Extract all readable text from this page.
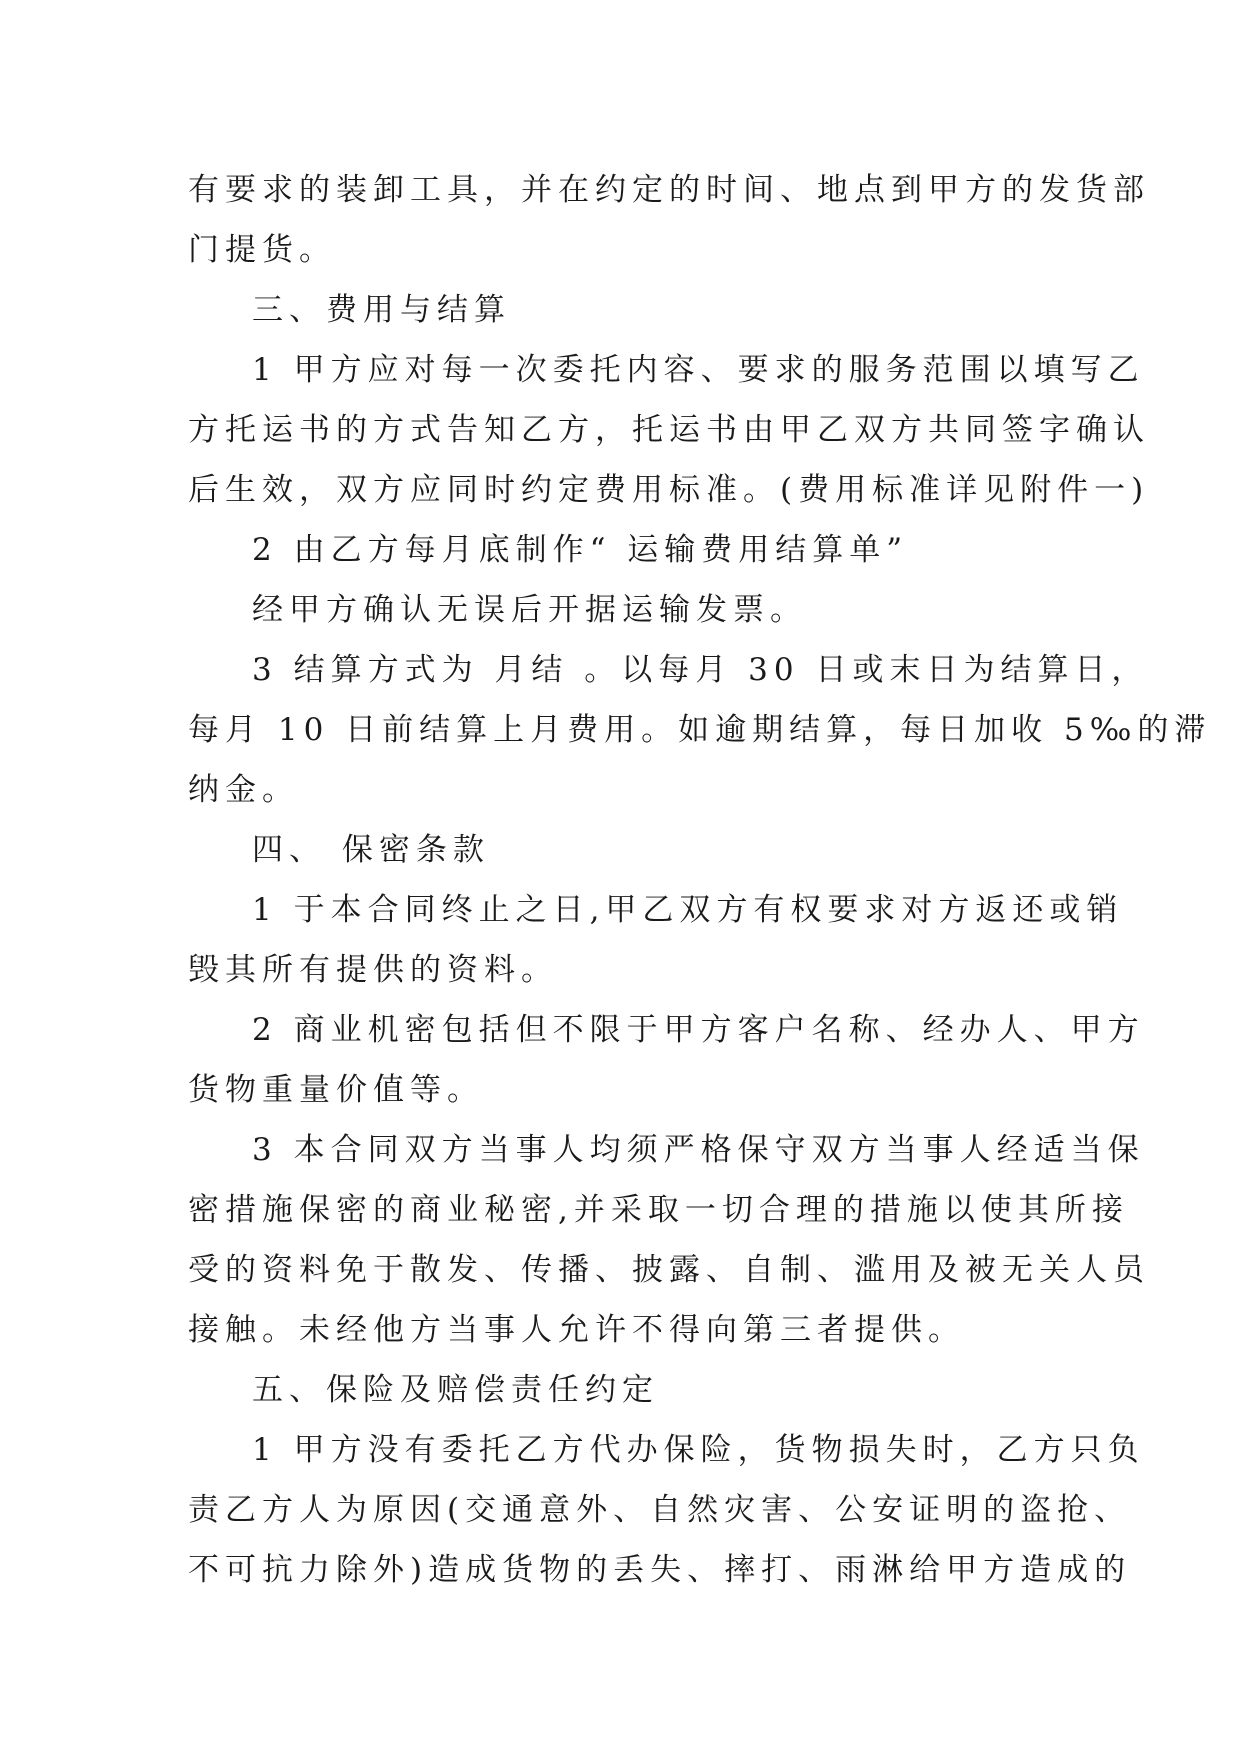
有要求的装卸工具，并在约定的时间、地点到甲方的发货部
门提货。

三、费用与结算

1 甲方应对每一次委托内容、要求的服务范围以填写乙
方托运书的方式告知乙方，托运书由甲乙双方共同签字确认
后生效，双方应同时约定费用标准。(费用标准详见附件一)

2 由乙方每月底制作“ 运输费用结算单”

经甲方确认无误后开据运输发票。

3 结算方式为 月结 。以每月 30 日或末日为结算日，
每月 10 日前结算上月费用。如逾期结算，每日加收 5‰的滞
纳金。

四、 保密条款

1 于本合同终止之日,甲乙双方有权要求对方返还或销
毁其所有提供的资料。

2 商业机密包括但不限于甲方客户名称、经办人、甲方
货物重量价值等。

3 本合同双方当事人均须严格保守双方当事人经适当保
密措施保密的商业秘密,并采取一切合理的措施以使其所接
受的资料免于散发、传播、披露、自制、滥用及被无关人员
接触。未经他方当事人允许不得向第三者提供。

五、保险及赔偿责任约定

1 甲方没有委托乙方代办保险，货物损失时，乙方只负
责乙方人为原因(交通意外、自然灾害、公安证明的盗抢、
不可抗力除外)造成货物的丢失、摔打、雨淋给甲方造成的
